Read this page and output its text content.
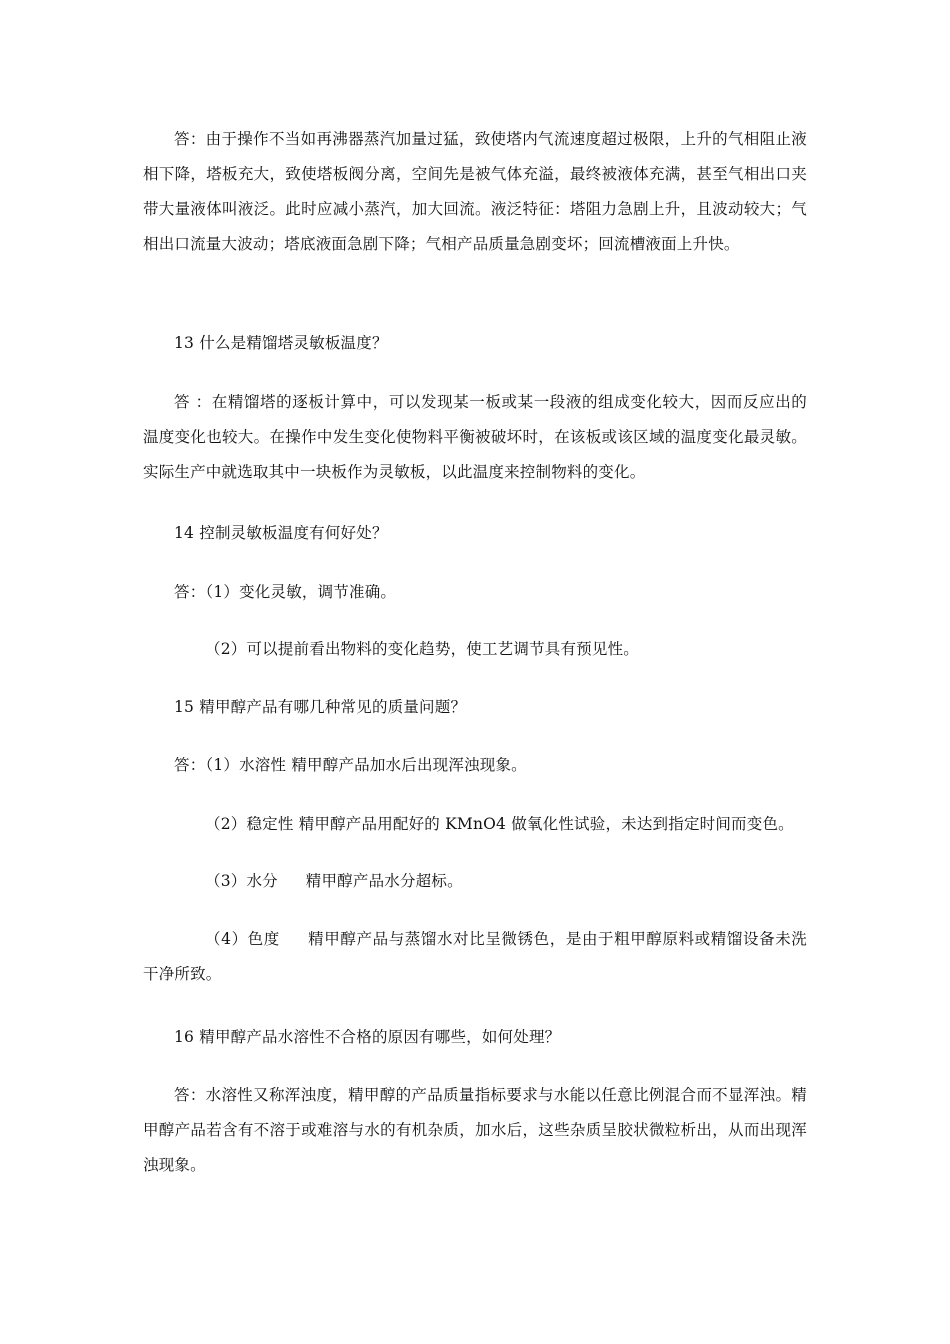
答：由于操作不当如再沸器蒸汽加量过猛，致使塔内气流速度超过极限，上升的气相阻止液相下降，塔板充大，致使塔板阀分离，空间先是被气体充溢，最终被液体充满，甚至气相出口夹带大量液体叫液泛。此时应减小蒸汽，加大回流。液泛特征：塔阻力急剧上升，且波动较大；气相出口流量大波动；塔底液面急剧下降；气相产品质量急剧变坏；回流槽液面上升快。

13 什么是精馏塔灵敏板温度？

答 ：在精馏塔的逐板计算中，可以发现某一板或某一段液的组成变化较大，因而反应出的温度变化也较大。在操作中发生变化使物料平衡被破坏时，在该板或该区域的温度变化最灵敏。实际生产中就选取其中一块板作为灵敏板，以此温度来控制物料的变化。

14 控制灵敏板温度有何好处？

答：（1）变化灵敏，调节准确。

（2）可以提前看出物料的变化趋势，使工艺调节具有预见性。

15 精甲醇产品有哪几种常见的质量问题？

答：（1）水溶性 精甲醇产品加水后出现浑浊现象。

（2）稳定性 精甲醇产品用配好的 KMnO4 做氧化性试验，未达到指定时间而变色。

（3）水分 精甲醇产品水分超标。

（4）色度 精甲醇产品与蒸馏水对比呈微锈色，是由于粗甲醇原料或精馏设备未洗干净所致。

16 精甲醇产品水溶性不合格的原因有哪些，如何处理？

答：水溶性又称浑浊度，精甲醇的产品质量指标要求与水能以任意比例混合而不显浑浊。精甲醇产品若含有不溶于或难溶与水的有机杂质，加水后，这些杂质呈胶状微粒析出，从而出现浑浊现象。
